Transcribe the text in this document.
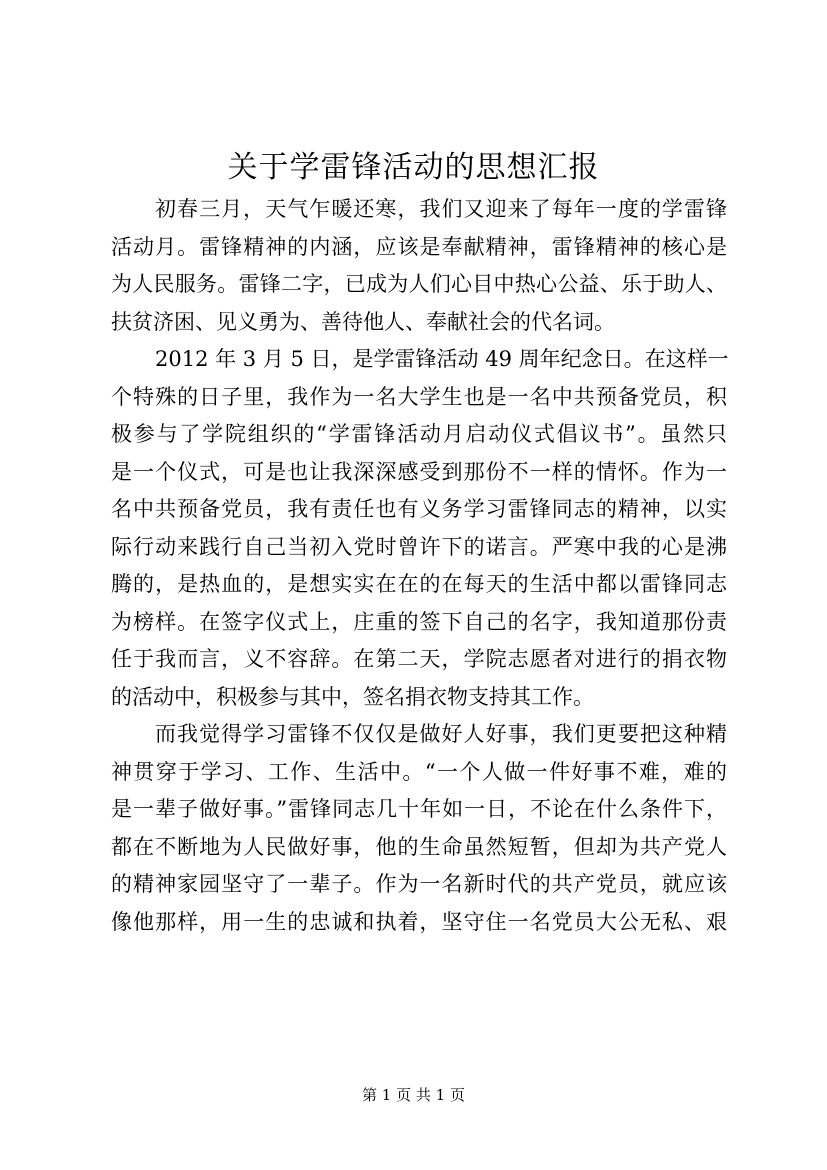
关于学雷锋活动的思想汇报

初春三月，天气乍暖还寒，我们又迎来了每年一度的学雷锋
活动月。雷锋精神的内涵，应该是奉献精神，雷锋精神的核心是
为人民服务。雷锋二字，已成为人们心目中热心公益、乐于助人、
扶贫济困、见义勇为、善待他人、奉献社会的代名词。

2012 年 3 月 5 日，是学雷锋活动 49 周年纪念日。在这样一
个特殊的日子里，我作为一名大学生也是一名中共预备党员，积
极参与了学院组织的“学雷锋活动月启动仪式倡议书”。虽然只
是一个仪式，可是也让我深深感受到那份不一样的情怀。作为一
名中共预备党员，我有责任也有义务学习雷锋同志的精神，以实
际行动来践行自己当初入党时曾许下的诺言。严寒中我的心是沸
腾的，是热血的，是想实实在在的在每天的生活中都以雷锋同志
为榜样。在签字仪式上，庄重的签下自己的名字，我知道那份责
任于我而言，义不容辞。在第二天，学院志愿者对进行的捐衣物
的活动中，积极参与其中，签名捐衣物支持其工作。

而我觉得学习雷锋不仅仅是做好人好事，我们更要把这种精
神贯穿于学习、工作、生活中。“一个人做一件好事不难，难的
是一辈子做好事。”雷锋同志几十年如一日，不论在什么条件下，
都在不断地为人民做好事，他的生命虽然短暂，但却为共产党人
的精神家园坚守了一辈子。作为一名新时代的共产党员，就应该
像他那样，用一生的忠诚和执着，坚守住一名党员大公无私、艰

第 1 页 共 1 页
